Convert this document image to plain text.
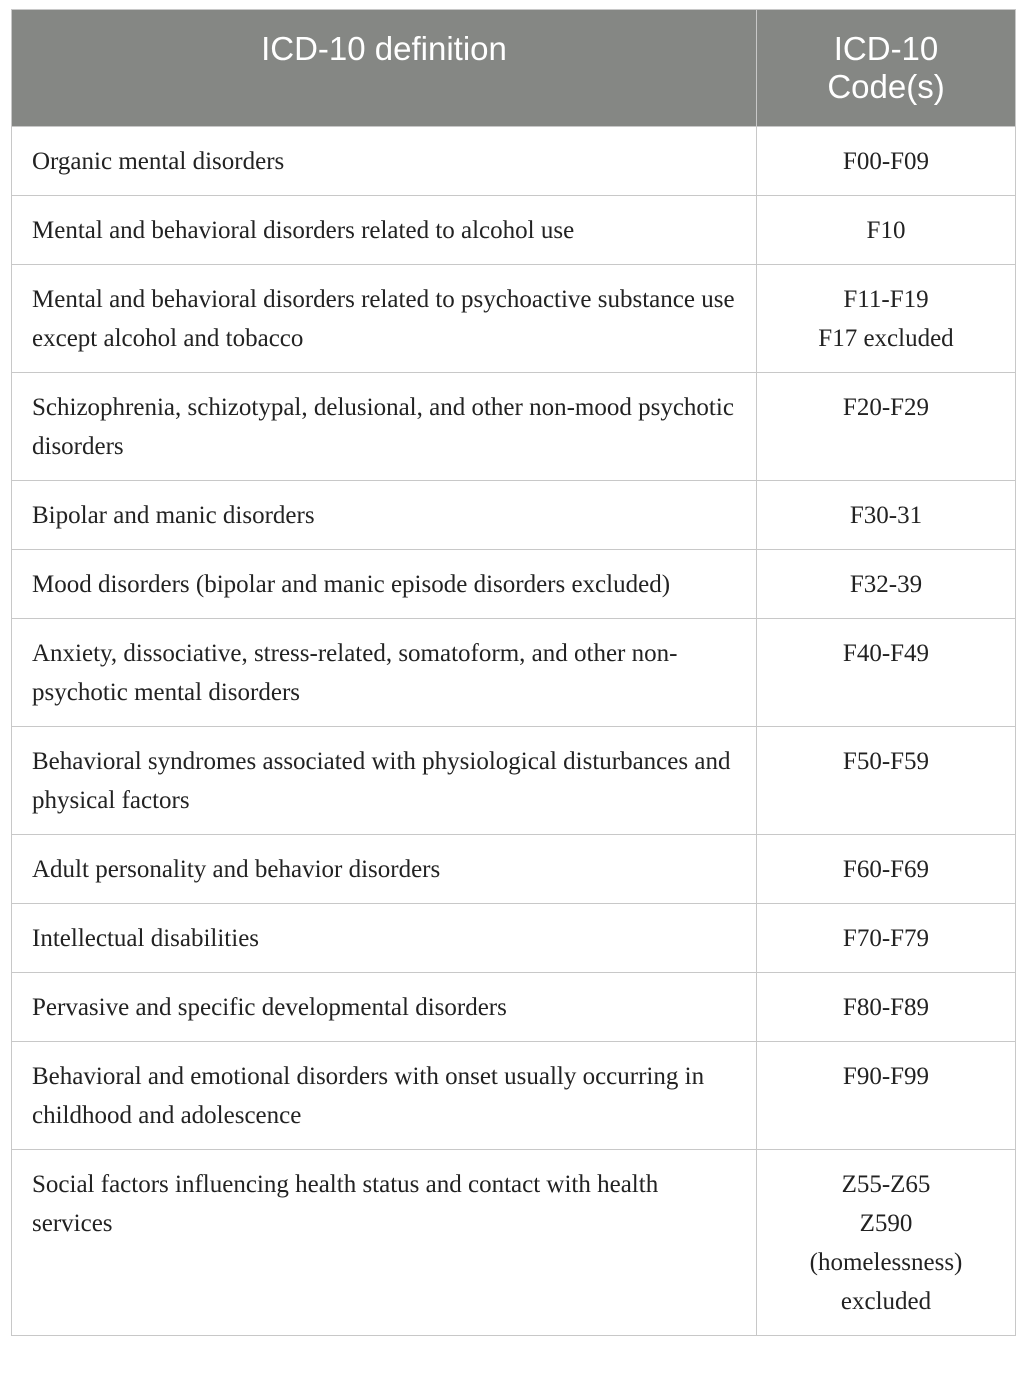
ICD-10 definition	ICD-10
Code(s)

Organic mental disorders	F00-F09

Mental and behavioral disorders related to alcohol use	F10

Mental and behavioral disorders related to psychoactive substance use except alcohol and tobacco	F11-F19
F17 excluded

Schizophrenia, schizotypal, delusional, and other non-mood psychotic disorders	F20-F29

Bipolar and manic disorders	F30-31

Mood disorders (bipolar and manic episode disorders excluded)	F32-39

Anxiety, dissociative, stress-related, somatoform, and other non-psychotic mental disorders	F40-F49

Behavioral syndromes associated with physiological disturbances and physical factors	F50-F59

Adult personality and behavior disorders	F60-F69

Intellectual disabilities	F70-F79

Pervasive and specific developmental disorders	F80-F89

Behavioral and emotional disorders with onset usually occurring in childhood and adolescence	F90-F99

Social factors influencing health status and contact with health services	Z55-Z65
Z590
(homelessness)
excluded
